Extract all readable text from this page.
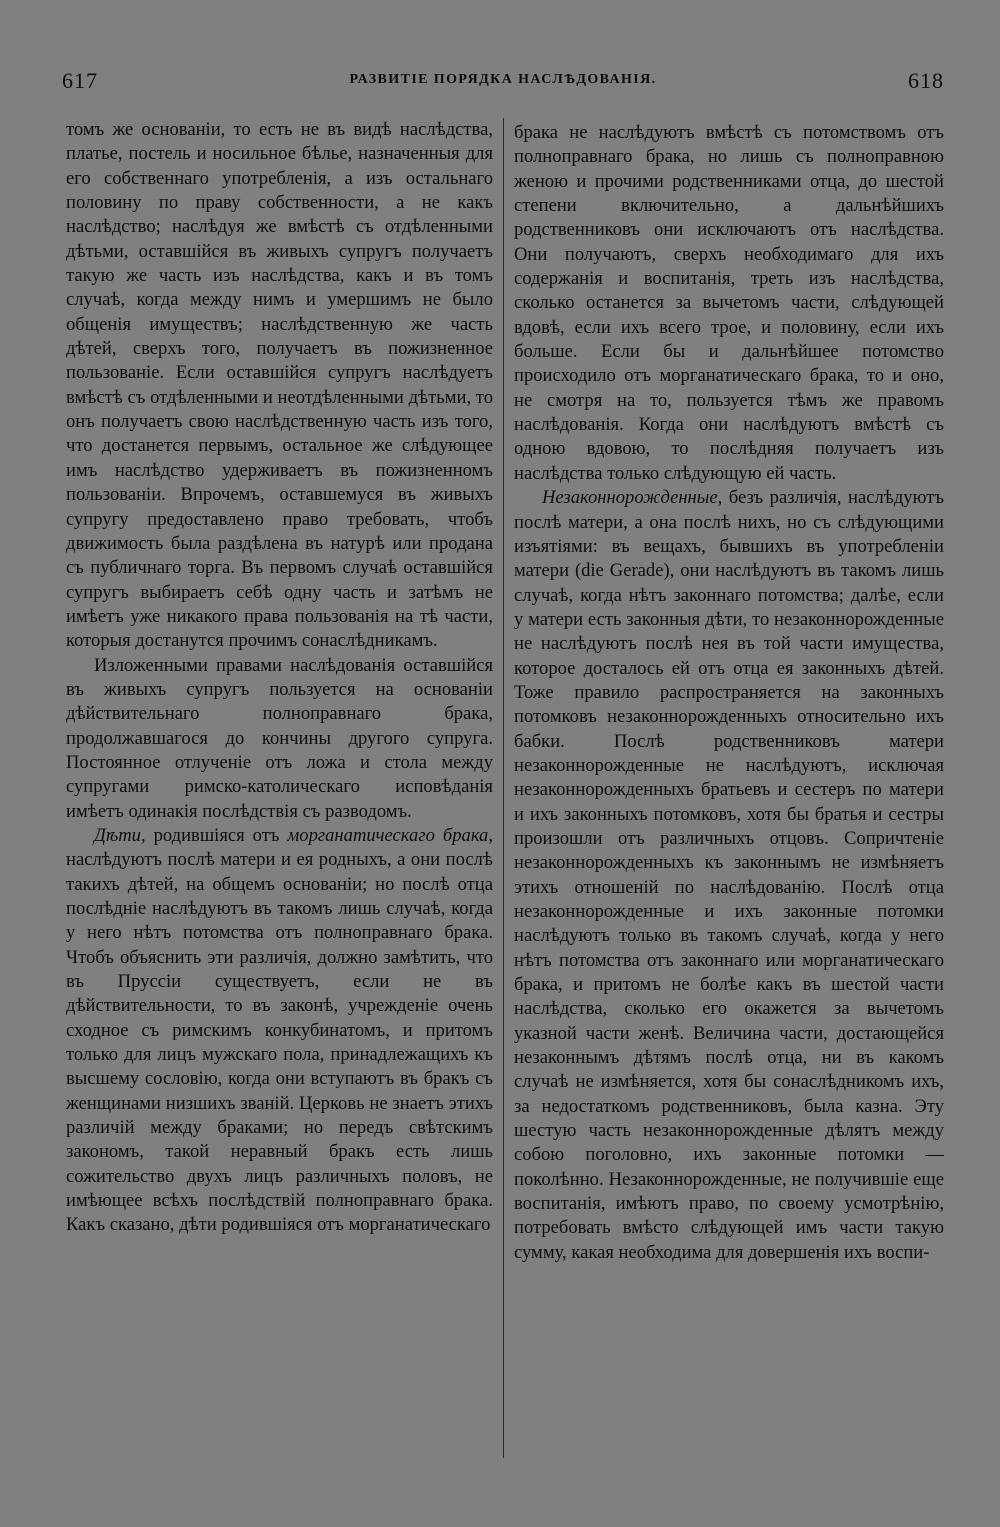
617	РАЗВИТІЕ ПОРЯДКА НАСЛѢДОВАНІЯ.	618

томъ же основаніи, то есть не въ видѣ наслѣдства, платье, постель и носильное бѣлье, назначенныя для его собственнаго употребленія, а изъ остальнаго половину по праву собственности, а не какъ наслѣдство; наслѣдуя же вмѣстѣ съ отдѣленными дѣтьми, оставшійся въ живыхъ супругъ получаетъ такую же часть изъ наслѣдства, какъ и въ томъ случаѣ, когда между нимъ и умершимъ не было общенія имуществъ; наслѣдственную же часть дѣтей, сверхъ того, получаетъ въ пожизненное пользованіе. Если оставшійся супругъ наслѣдуетъ вмѣстѣ съ отдѣленными и неотдѣленными дѣтьми, то онъ получаетъ свою наслѣдственную часть изъ того, что достанется первымъ, остальное же слѣдующее имъ наслѣдство удерживаетъ въ пожизненномъ пользованіи. Впрочемъ, оставшемуся въ живыхъ супругу предоставлено право требовать, чтобъ движимость была раздѣлена въ натурѣ или продана съ публичнаго торга. Въ первомъ случаѣ оставшійся супругъ выбираетъ себѣ одну часть и затѣмъ не имѣетъ уже никакого права пользованія на тѣ части, которыя достанутся прочимъ сонаслѣдникамъ.

Изложенными правами наслѣдованія оставшійся въ живыхъ супругъ пользуется на основаніи дѣйствительнаго полноправнаго брака, продолжавшагося до кончины другого супруга. Постоянное отлученіе отъ ложа и стола между супругами римско-католическаго исповѣданія имѣетъ одинакія послѣдствія съ разводомъ.

Дѣти, родившіяся отъ морганатическаго брака, наслѣдуютъ послѣ матери и ея родныхъ, а они послѣ такихъ дѣтей, на общемъ основаніи; но послѣ отца послѣдніе наслѣдуютъ въ такомъ лишь случаѣ, когда у него нѣтъ потомства отъ полноправнаго брака. Чтобъ объяснить эти различія, должно замѣтить, что въ Пруссіи существуетъ, если не въ дѣйствительности, то въ законѣ, учрежденіе очень сходное съ римскимъ конкубинатомъ, и притомъ только для лицъ мужскаго пола, принадлежащихъ къ высшему сословію, когда они вступаютъ въ бракъ съ женщинами низшихъ званій. Церковь не знаетъ этихъ различій между браками; но передъ свѣтскимъ закономъ, такой неравный бракъ есть лишь сожительство двухъ лицъ различныхъ половъ, не имѣющее всѣхъ послѣдствій полноправнаго брака. Какъ сказано, дѣти родившіяся отъ морганатическаго

брака не наслѣдуютъ вмѣстѣ съ потомствомъ отъ полноправнаго брака, но лишь съ полноправною женою и прочими родственниками отца, до шестой степени включительно, а дальнѣйшихъ родственниковъ они исключаютъ отъ наслѣдства. Они получаютъ, сверхъ необходимаго для ихъ содержанія и воспитанія, треть изъ наслѣдства, сколько останется за вычетомъ части, слѣдующей вдовѣ, если ихъ всего трое, и половину, если ихъ больше. Если бы и дальнѣйшее потомство происходило отъ морганатическаго брака, то и оно, не смотря на то, пользуется тѣмъ же правомъ наслѣдованія. Когда они наслѣдуютъ вмѣстѣ съ одною вдовою, то послѣдняя получаетъ изъ наслѣдства только слѣдующую ей часть.

Незаконнорожденные, безъ различія, наслѣдуютъ послѣ матери, а она послѣ нихъ, но съ слѣдующими изъятіями: въ вещахъ, бывшихъ въ употребленіи матери (die Gerade), они наслѣдуютъ въ такомъ лишь случаѣ, когда нѣтъ законнаго потомства; далѣе, если у матери есть законныя дѣти, то незаконнорожденные не наслѣдуютъ послѣ нея въ той части имущества, которое досталось ей отъ отца ея законныхъ дѣтей. Тоже правило распространяется на законныхъ потомковъ незаконнорожденныхъ относительно ихъ бабки. Послѣ родственниковъ матери незаконнорожденные не наслѣдуютъ, исключая незаконнорожденныхъ братьевъ и сестеръ по матери и ихъ законныхъ потомковъ, хотя бы братья и сестры произошли отъ различныхъ отцовъ. Сопричтеніе незаконнорожденныхъ къ законнымъ не измѣняетъ этихъ отношеній по наслѣдованію. Послѣ отца незаконнорожденные и ихъ законные потомки наслѣдуютъ только въ такомъ случаѣ, когда у него нѣтъ потомства отъ законнаго или морганатическаго брака, и притомъ не болѣе какъ въ шестой части наслѣдства, сколько его окажется за вычетомъ указной части женѣ. Величина части, достающейся незаконнымъ дѣтямъ послѣ отца, ни въ какомъ случаѣ не измѣняется, хотя бы сонаслѣдникомъ ихъ, за недостаткомъ родственниковъ, была казна. Эту шестую часть незаконнорожденные дѣлятъ между собою поголовно, ихъ законные потомки — поколѣнно. Незаконнорожденные, не получившіе еще воспитанія, имѣютъ право, по своему усмотрѣнію, потребовать вмѣсто слѣдующей имъ части такую сумму, какая необходима для довершенія ихъ воспи-
